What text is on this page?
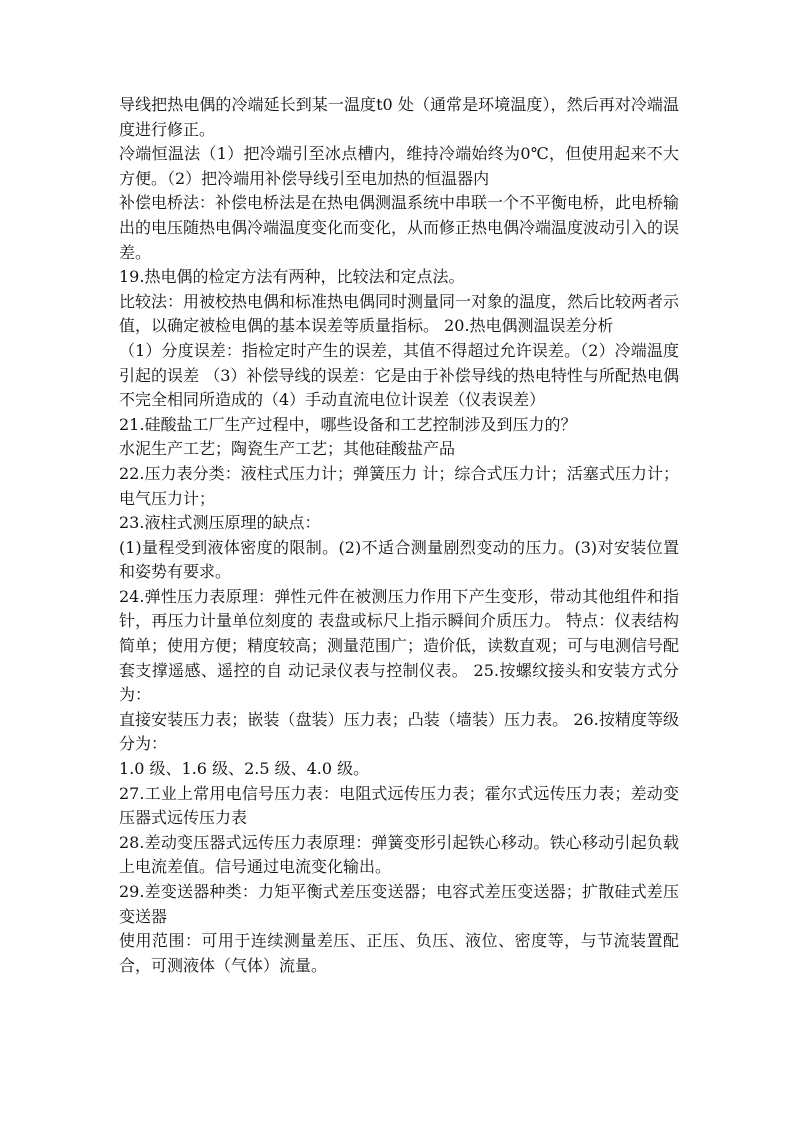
导线把热电偶的冷端延长到某一温度t0 处（通常是环境温度），然后再对冷端温度进行修正。

冷端恒温法（1）把冷端引至冰点槽内，维持冷端始终为0℃，但使用起来不大方便。（2）把冷端用补偿导线引至电加热的恒温器内

补偿电桥法：补偿电桥法是在热电偶测温系统中串联一个不平衡电桥，此电桥输出的电压随热电偶冷端温度变化而变化，从而修正热电偶冷端温度波动引入的误差。

19.热电偶的检定方法有两种，比较法和定点法。

比较法：用被校热电偶和标准热电偶同时测量同一对象的温度，然后比较两者示值，以确定被检电偶的基本误差等质量指标。 20.热电偶测温误差分析

（1）分度误差：指检定时产生的误差，其值不得超过允许误差。（2）冷端温度引起的误差 （3）补偿导线的误差：它是由于补偿导线的热电特性与所配热电偶不完全相同所造成的（4）手动直流电位计误差（仪表误差）

21.硅酸盐工厂生产过程中，哪些设备和工艺控制涉及到压力的？

水泥生产工艺；陶瓷生产工艺；其他硅酸盐产品

22.压力表分类：液柱式压力计；弹簧压力 计；综合式压力计；活塞式压力计；电气压力计；

23.液柱式测压原理的缺点：

(1)量程受到液体密度的限制。(2)不适合测量剧烈变动的压力。(3)对安装位置和姿势有要求。

24.弹性压力表原理：弹性元件在被测压力作用下产生变形，带动其他组件和指针，再压力计量单位刻度的 表盘或标尺上指示瞬间介质压力。 特点：仪表结构简单；使用方便；精度较高；测量范围广；造价低，读数直观；可与电测信号配套支撑遥感、遥控的自 动记录仪表与控制仪表。 25.按螺纹接头和安装方式分为：

直接安装压力表；嵌装（盘装）压力表；凸装（墙装）压力表。 26.按精度等级分为：

1.0 级、1.6 级、2.5 级、4.0 级。

27.工业上常用电信号压力表：电阻式远传压力表；霍尔式远传压力表；差动变压器式远传压力表

28.差动变压器式远传压力表原理：弹簧变形引起铁心移动。铁心移动引起负载上电流差值。信号通过电流变化输出。

29.差变送器种类：力矩平衡式差压变送器；电容式差压变送器；扩散硅式差压变送器

使用范围：可用于连续测量差压、正压、负压、液位、密度等，与节流装置配合，可测液体（气体）流量。
